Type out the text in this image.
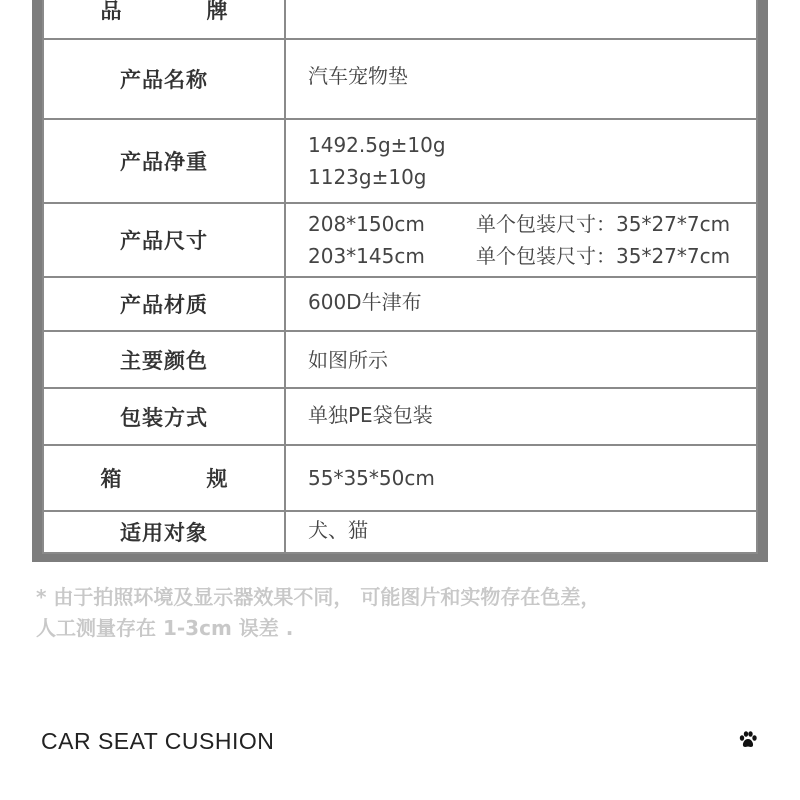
品　牌	

产品名称	汽车宠物垫

产品净重	1492.5g±10g
1123g±10g

产品尺寸	208*150cm 单个包装尺寸：35*27*7cm
203*145cm 单个包装尺寸：35*27*7cm

产品材质	600D牛津布

主要颜色	如图所示

包装方式	单独PE袋包装

箱　规	55*35*50cm

适用对象	犬、猫
* 由于拍照环境及显示器效果不同， 可能图片和实物存在色差，
人工测量存在 1-3cm 误差 .
CAR SEAT CUSHION
